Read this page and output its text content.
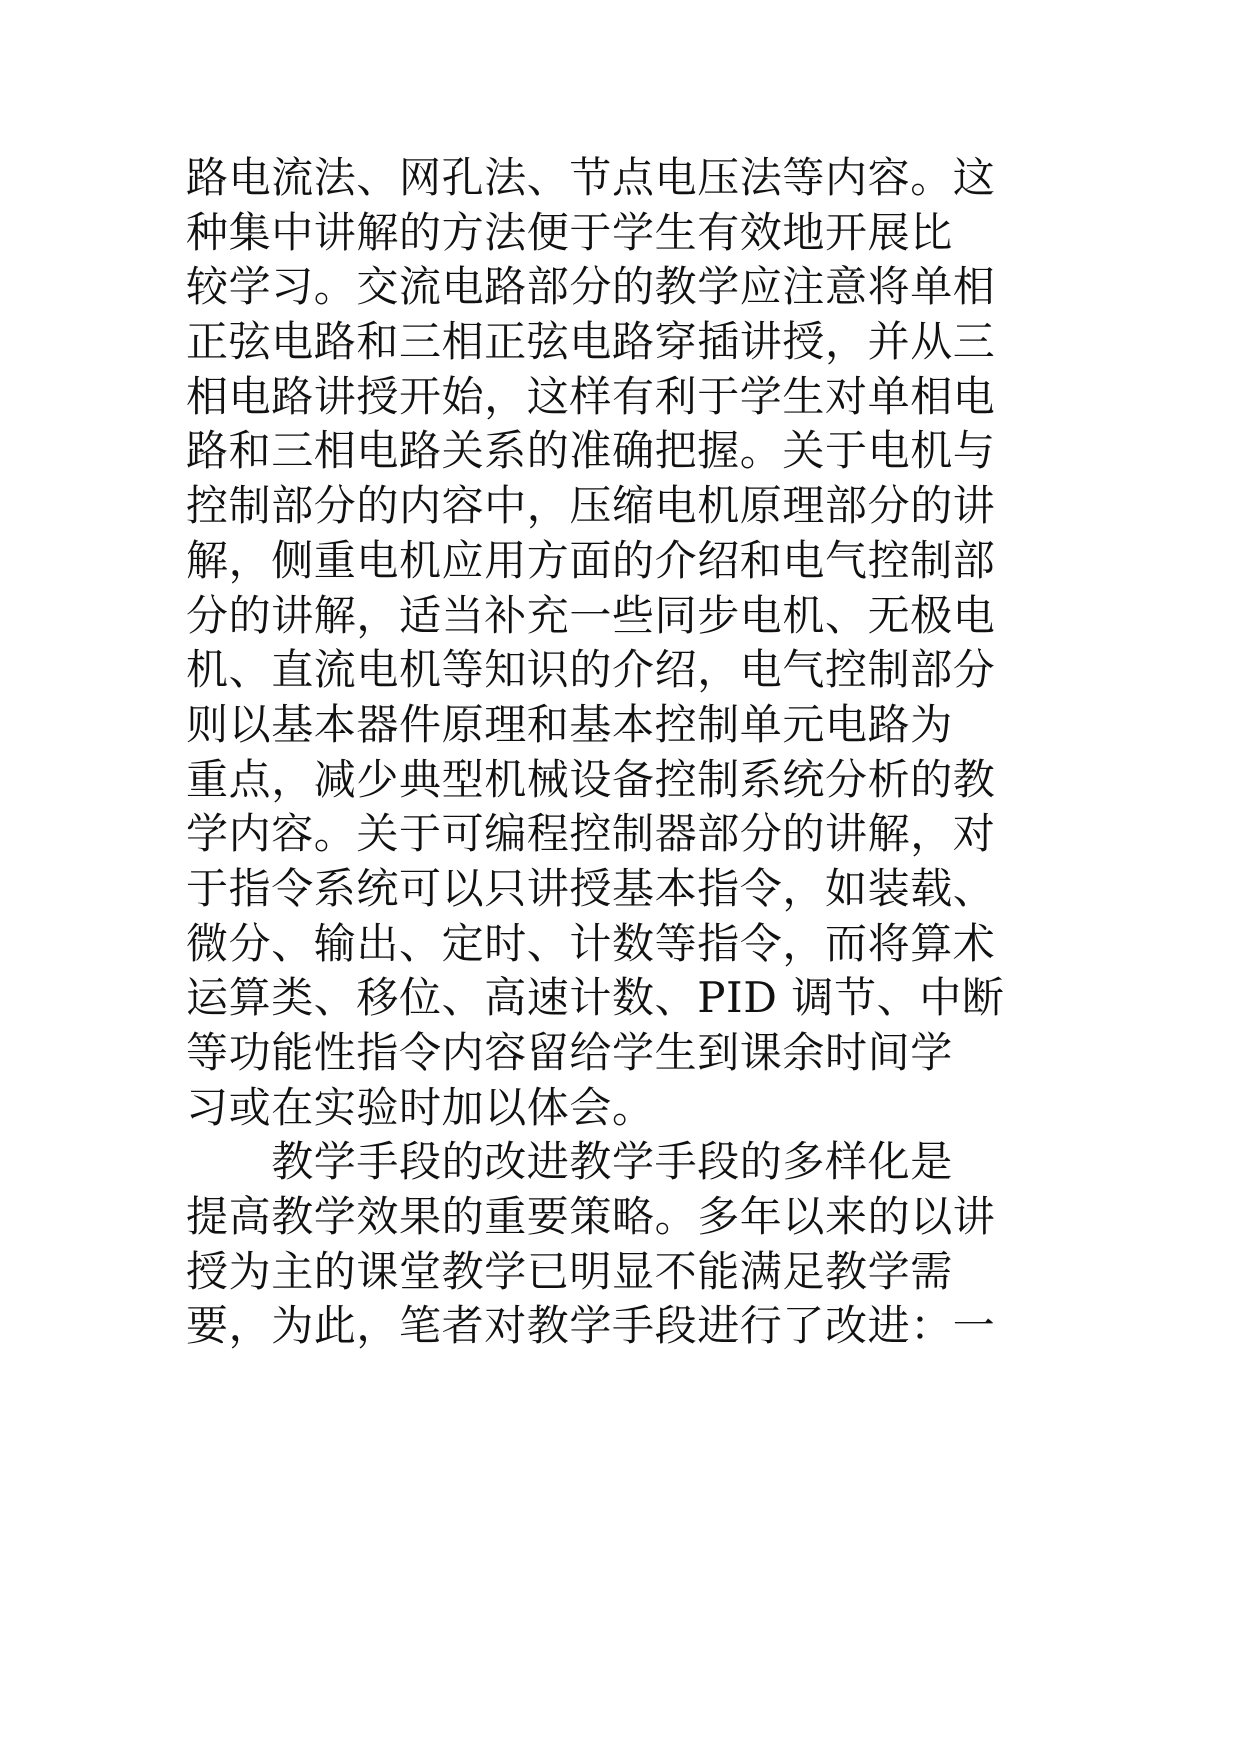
路电流法、网孔法、节点电压法等内容。这
种集中讲解的方法便于学生有效地开展比
较学习。交流电路部分的教学应注意将单相
正弦电路和三相正弦电路穿插讲授，并从三
相电路讲授开始，这样有利于学生对单相电
路和三相电路关系的准确把握。关于电机与
控制部分的内容中，压缩电机原理部分的讲
解，侧重电机应用方面的介绍和电气控制部
分的讲解，适当补充一些同步电机、无极电
机、直流电机等知识的介绍，电气控制部分
则以基本器件原理和基本控制单元电路为
重点，减少典型机械设备控制系统分析的教
学内容。关于可编程控制器部分的讲解，对
于指令系统可以只讲授基本指令，如装载、
微分、输出、定时、计数等指令，而将算术
运算类、移位、高速计数、PID 调节、中断
等功能性指令内容留给学生到课余时间学
习或在实验时加以体会。
　　教学手段的改进教学手段的多样化是
提高教学效果的重要策略。多年以来的以讲
授为主的课堂教学已明显不能满足教学需
要，为此，笔者对教学手段进行了改进：一
